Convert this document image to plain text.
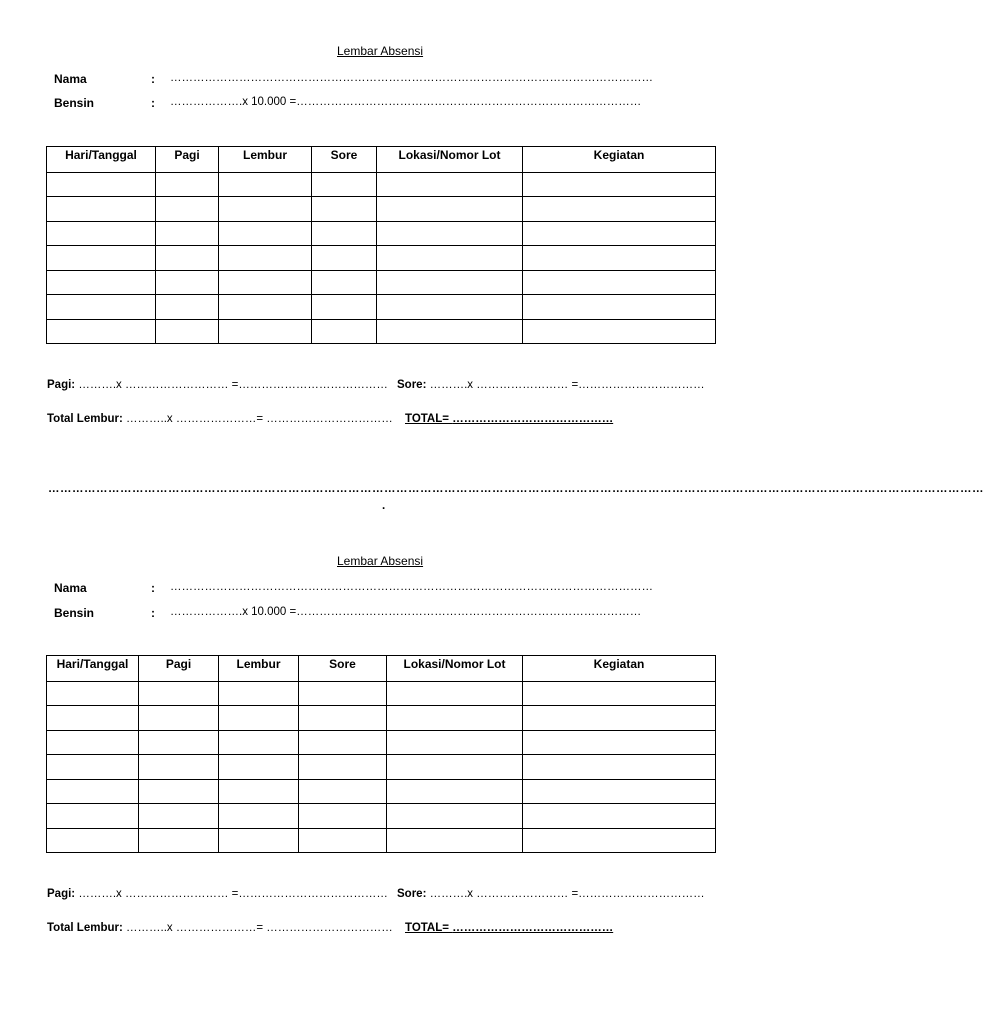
Lembar Absensi
Nama	: ………………………………………………………………………………………………………………
Bensin	: ……………….x 10.000 =………………………………………………………………………………
Hari/Tanggal	Pagi	Lembur	Sore	Lokasi/Nomor Lot	Kegiatan

Pagi: ……….x ……………………… =………………………………… Sore: ……….x …………………… =……………………………
Total Lembur: ………..x …………………= …………………………… TOTAL= ……………………………………
………………………………………………………………………………………………………………………………………………………………………………………………………………
.
Lembar Absensi
Nama	: ………………………………………………………………………………………………………………
Bensin	: ……………….x 10.000 =………………………………………………………………………………
Hari/Tanggal	Pagi	Lembur	Sore	Lokasi/Nomor Lot	Kegiatan

Pagi: ……….x ……………………… =………………………………… Sore: ……….x …………………… =……………………………
Total Lembur: ………..x …………………= …………………………… TOTAL= ……………………………………
